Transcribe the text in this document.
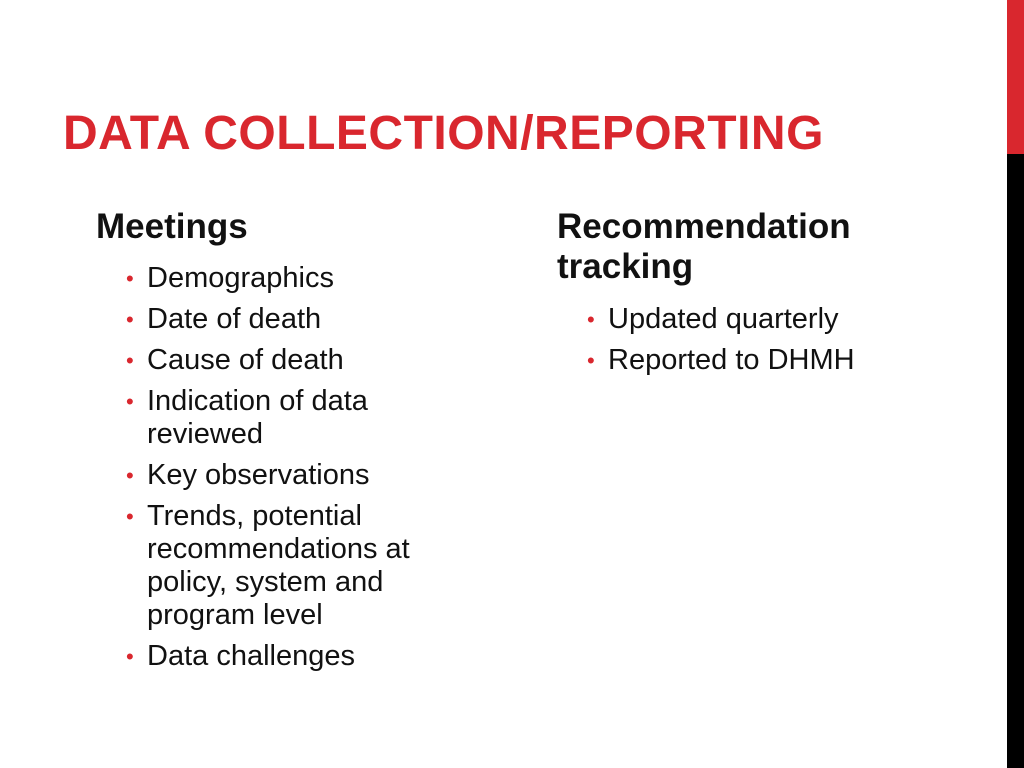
DATA COLLECTION/REPORTING
Meetings
• Demographics
• Date of death
• Cause of death
• Indication of data reviewed
• Key observations
• Trends, potential recommendations at policy, system and program level
• Data challenges
Recommendation tracking
• Updated quarterly
• Reported to DHMH
